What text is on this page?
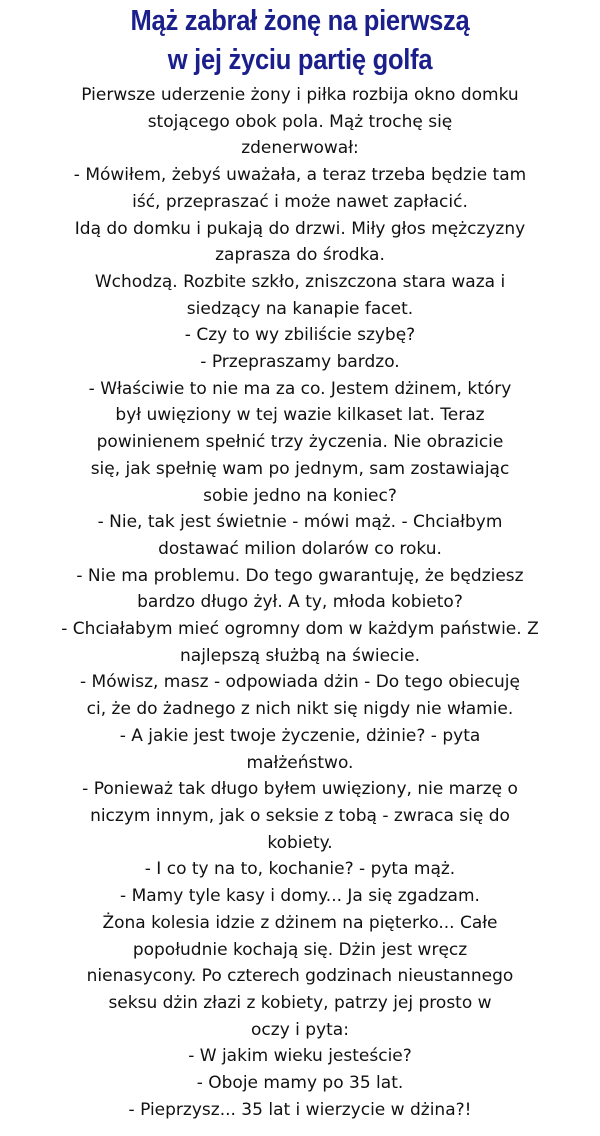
Mąż zabrał żonę na pierwszą
w jej życiu partię golfa
Pierwsze uderzenie żony i piłka rozbija okno domku
stojącego obok pola. Mąż trochę się
zdenerwował:
- Mówiłem, żebyś uważała, a teraz trzeba będzie tam
iść, przepraszać i może nawet zapłacić.
Idą do domku i pukają do drzwi. Miły głos mężczyzny
zaprasza do środka.
Wchodzą. Rozbite szkło, zniszczona stara waza i
siedzący na kanapie facet.
- Czy to wy zbiliście szybę?
- Przepraszamy bardzo.
- Właściwie to nie ma za co. Jestem dżinem, który
był uwięziony w tej wazie kilkaset lat. Teraz
powinienem spełnić trzy życzenia. Nie obrazicie
się, jak spełnię wam po jednym, sam zostawiając
sobie jedno na koniec?
- Nie, tak jest świetnie - mówi mąż. - Chciałbym
dostawać milion dolarów co roku.
- Nie ma problemu. Do tego gwarantuję, że będziesz
bardzo długo żył. A ty, młoda kobieto?
- Chciałabym mieć ogromny dom w każdym państwie. Z
najlepszą służbą na świecie.
- Mówisz, masz - odpowiada dżin - Do tego obiecuję
ci, że do żadnego z nich nikt się nigdy nie włamie.
- A jakie jest twoje życzenie, dżinie? - pyta
małżeństwo.
- Ponieważ tak długo byłem uwięziony, nie marzę o
niczym innym, jak o seksie z tobą - zwraca się do
kobiety.
- I co ty na to, kochanie? - pyta mąż.
- Mamy tyle kasy i domy... Ja się zgadzam.
Żona kolesia idzie z dżinem na pięterko... Całe
popołudnie kochają się. Dżin jest wręcz
nienasycony. Po czterech godzinach nieustannego
seksu dżin złazi z kobiety, patrzy jej prosto w
oczy i pyta:
- W jakim wieku jesteście?
- Oboje mamy po 35 lat.
- Pieprzysz... 35 lat i wierzycie w dżina?!
